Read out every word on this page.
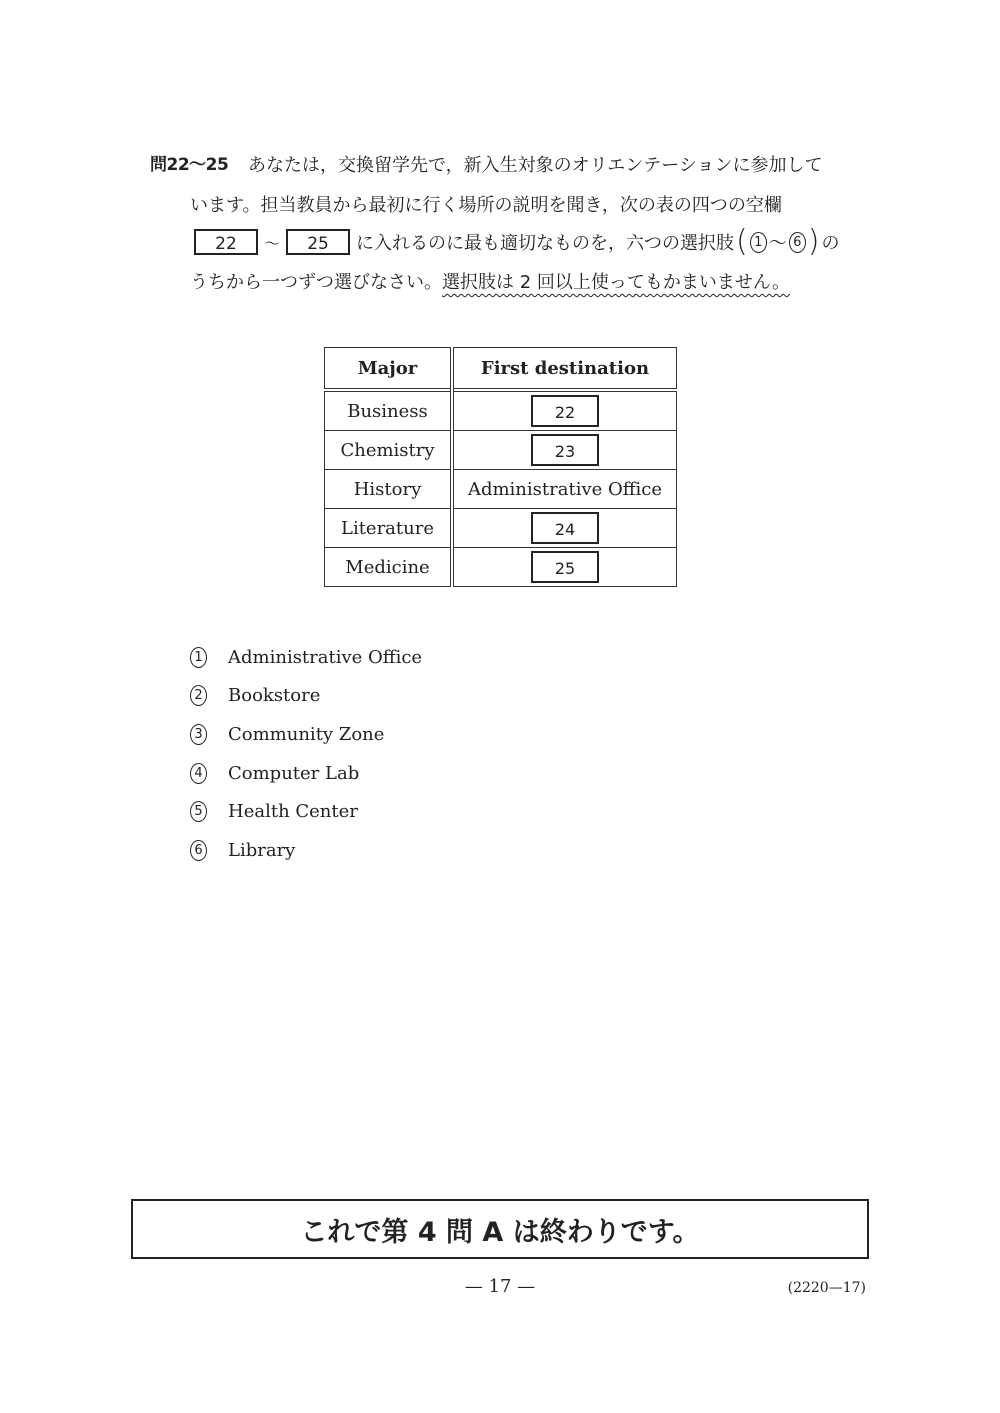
問22～25 あなたは，交換留学先で，新入生対象のオリエンテーションに参加して
います。担当教員から最初に行く場所の説明を聞き，次の表の四つの空欄
22	～	25	に入れるのに最も適切なものを，六つの選択肢 ( 1 ～ 6 ) の
うちから一つずつ選びなさい。選択肢は 2 回以上使ってもかまいません。
Major	First destination
Business	22
Chemistry	23
History	Administrative Office
Literature	24
Medicine	25
1 Administrative Office
2 Bookstore
3 Community Zone
4 Computer Lab
5 Health Center
6 Library
これで第 4 問 A は終わりです。
— 17 —	(2220—17)
